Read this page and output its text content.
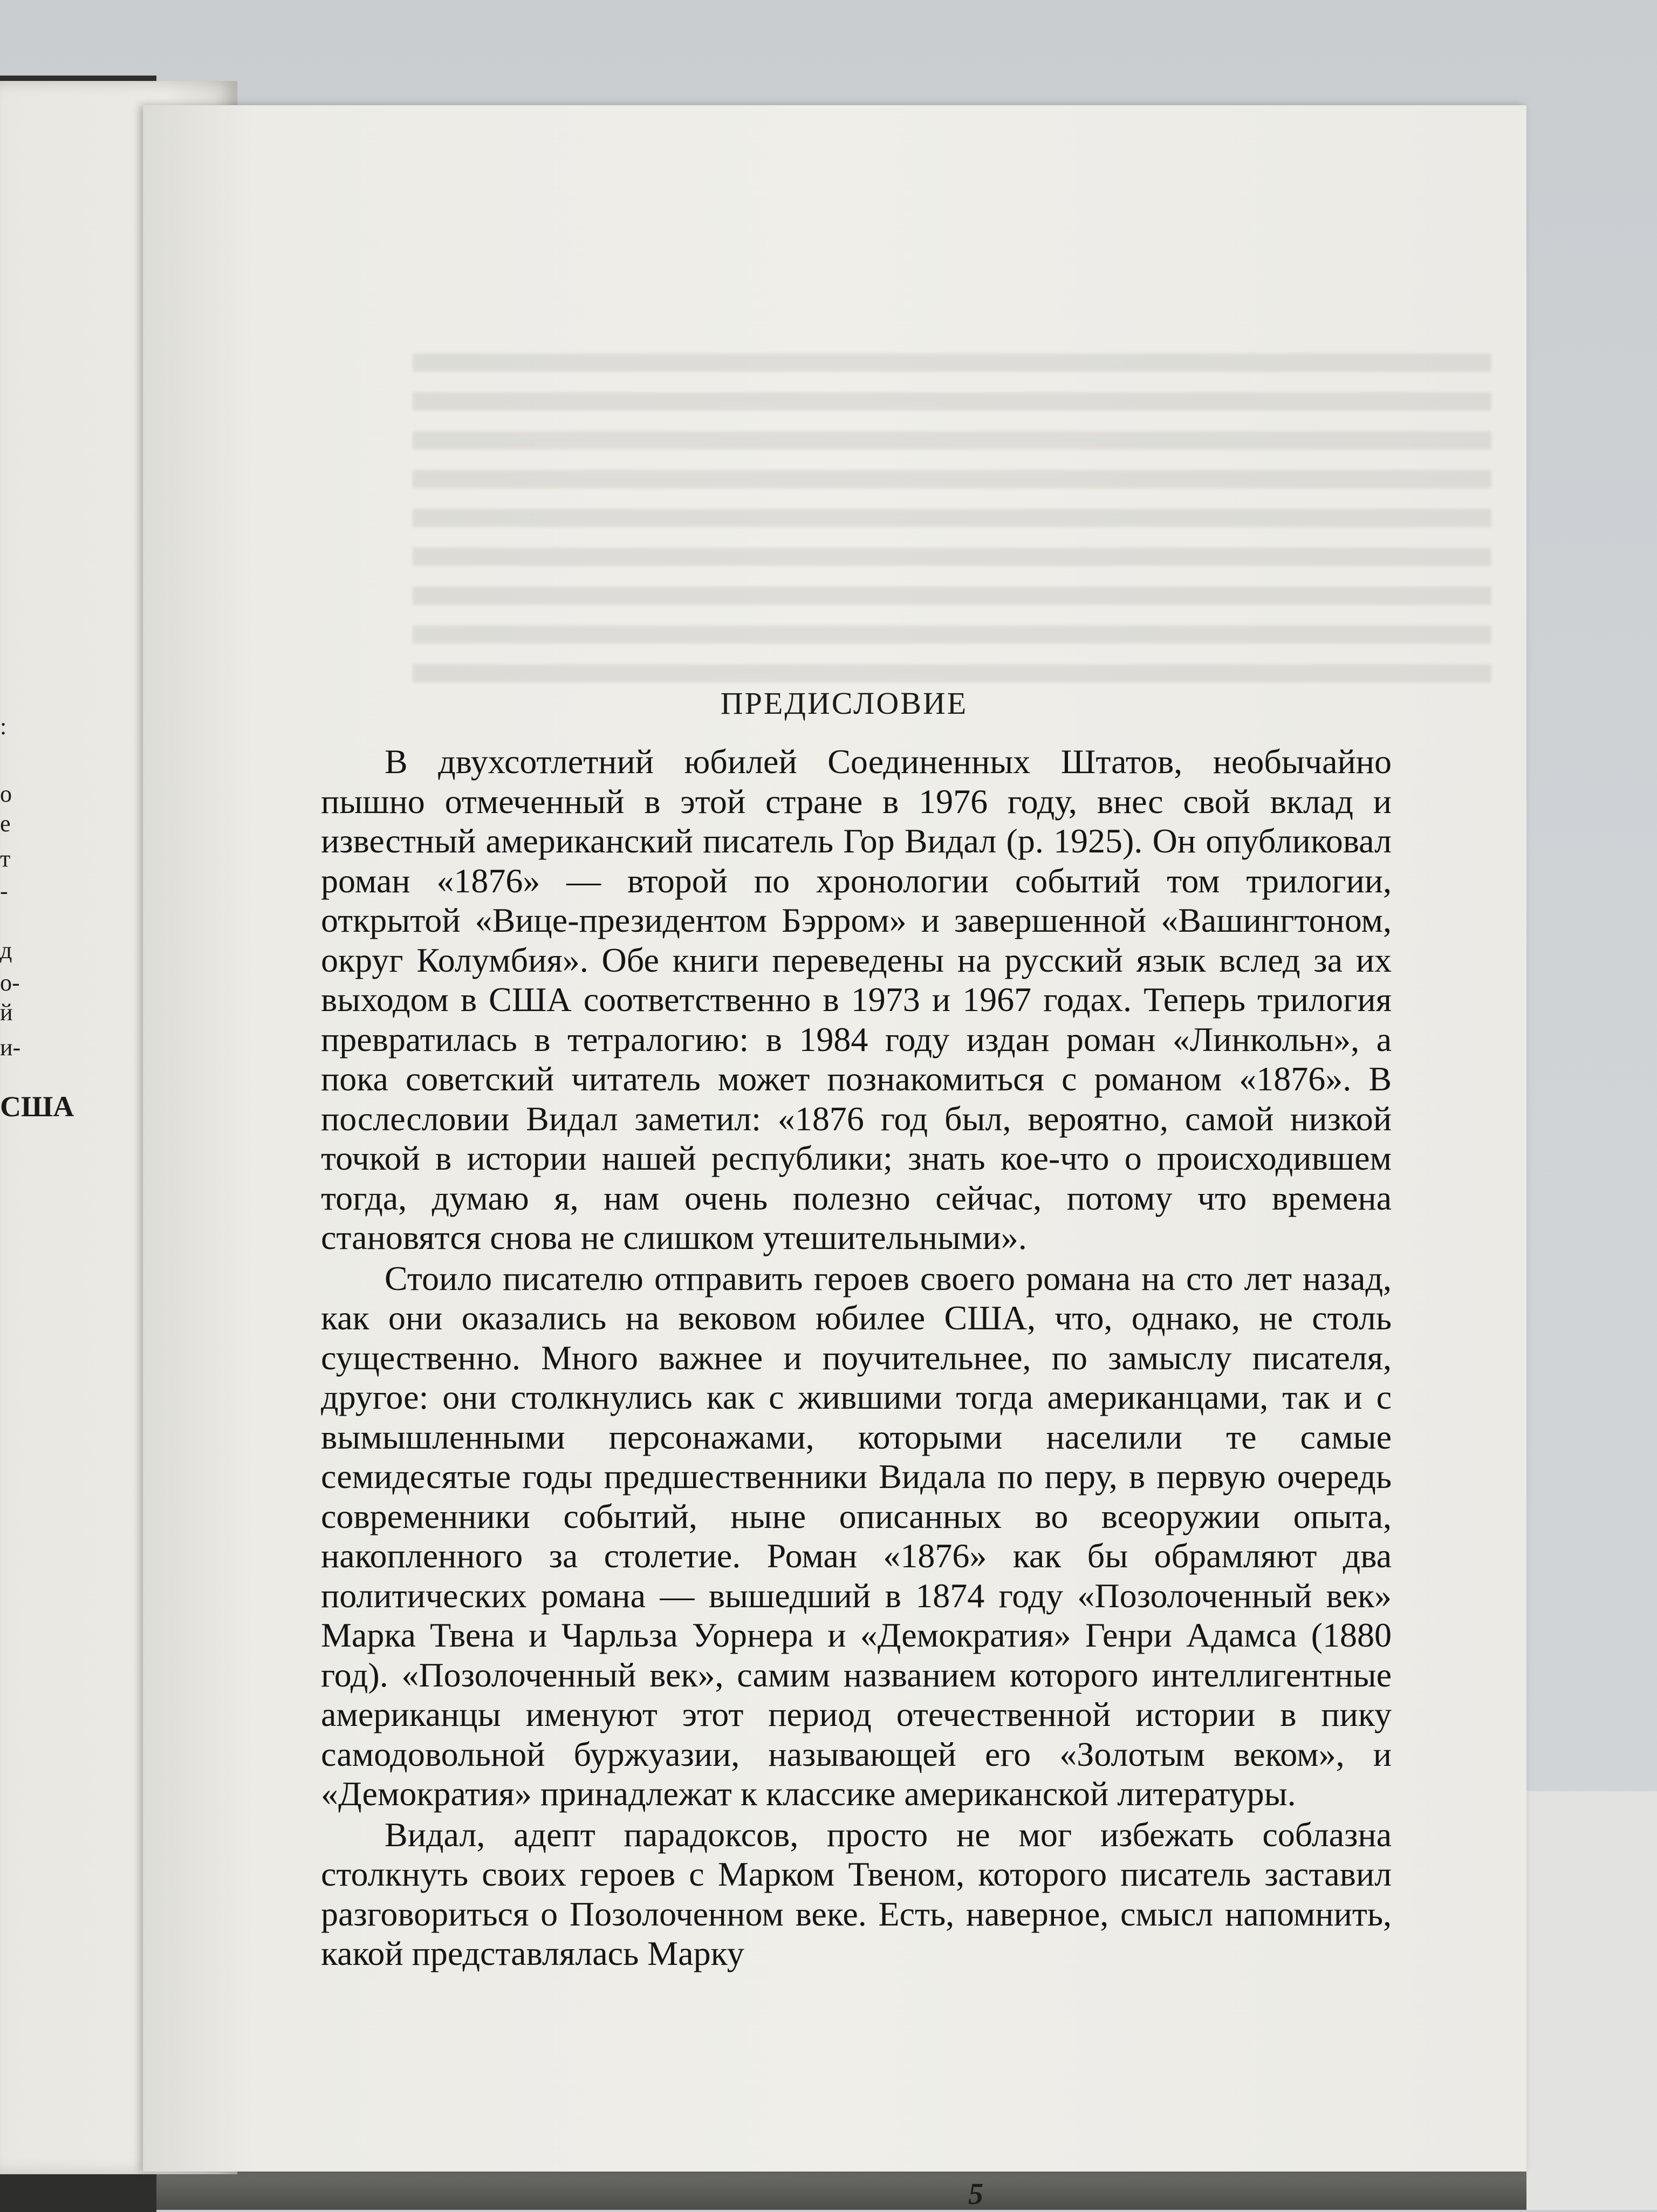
:
о
е
т
-
д
о-
й
и-
США
ПРЕДИСЛОВИЕ

В двухсотлетний юбилей Соединенных Штатов, необычайно пышно отмеченный в этой стране в 1976 году, внес свой вклад и известный американский писатель Гор Видал (р. 1925). Он опубликовал роман «1876» — второй по хронологии событий том трилогии, открытой «Вице-президентом Бэрром» и завершенной «Вашингтоном, округ Колумбия». Обе книги переведены на русский язык вслед за их выходом в США соответственно в 1973 и 1967 годах. Теперь трилогия превратилась в тетралогию: в 1984 году издан роман «Линкольн», а пока советский читатель может познакомиться с романом «1876». В послесловии Видал заметил: «1876 год был, вероятно, самой низкой точкой в истории нашей республики; знать кое-что о происходившем тогда, думаю я, нам очень полезно сейчас, потому что времена становятся снова не слишком утешительными».

Стоило писателю отправить героев своего романа на сто лет назад, как они оказались на вековом юбилее США, что, однако, не столь существенно. Много важнее и поучительнее, по замыслу писателя, другое: они столкнулись как с жившими тогда американцами, так и с вымышленными персонажами, которыми населили те самые семидесятые годы предшественники Видала по перу, в первую очередь современники событий, ныне описанных во всеоружии опыта, накопленного за столетие. Роман «1876» как бы обрамляют два политических романа — вышедший в 1874 году «Позолоченный век» Марка Твена и Чарльза Уорнера и «Демократия» Генри Адамса (1880 год). «Позолоченный век», самим названием которого интеллигентные американцы именуют этот период отечественной истории в пику самодовольной буржуазии, называющей его «Золотым веком», и «Демократия» принадлежат к классике американской литературы.

Видал, адепт парадоксов, просто не мог избежать соблазна столкнуть своих героев с Марком Твеном, которого писатель заставил разговориться о Позолоченном веке. Есть, наверное, смысл напомнить, какой представлялась Марку

5
